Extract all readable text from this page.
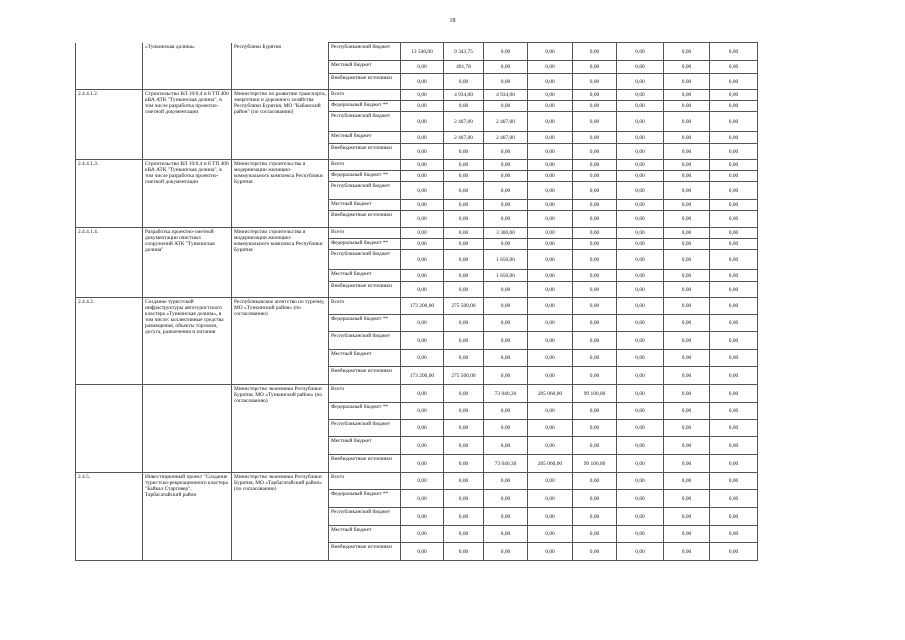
18
	«Тункинская долина»	Республики Бурятия	Республиканский бюджет	13 540,00	9 343,75	0,00	0,00	0,00	0,00	0,00	0,00
			Местный бюджет	0,00	491,78	0,00	0,00	0,00	0,00	0,00	0,00
			Внебюджетные источники	0,00	0,00	0,00	0,00	0,00	0,00	0,00	0,00
2.4.4.1.2.	Строительство ВЛ 10/0,4 и 8 ТП 400 кВА АТК "Тункинская долина", в том числе разработка проектно-сметной документации	Министерство по развитию транспорта, энергетики и дорожного хозяйства Республики Бурятия, МО "Кабанский район" (по согласованию)	Всего	0,00	4 934,00	4 934,00	0,00	0,00	0,00	0,00	0,00
			Федеральный бюджет **	0,00	0,00	0,00	0,00	0,00	0,00	0,00	0,00
			Республиканский бюджет	0,00	2 467,00	2 467,00	0,00	0,00	0,00	0,00	0,00
			Местный бюджет	0,00	2 467,00	2 467,00	0,00	0,00	0,00	0,00	0,00
			Внебюджетные источники	0,00	0,00	0,00	0,00	0,00	0,00	0,00	0,00
2.4.4.1.3.	Строительство ВЛ 10/0,4 и 8 ТП 400 кВА АТК "Тункинская долина", в том числе разработка проектно-сметной документации	Министерство строительства и модернизации жилищно-коммунального комплекса Республики Бурятия	Всего	0,00	0,00	0,00	0,00	0,00	0,00	0,00	0,00
			Федеральный бюджет **	0,00	0,00	0,00	0,00	0,00	0,00	0,00	0,00
			Республиканский бюджет	0,00	0,00	0,00	0,00	0,00	0,00	0,00	0,00
			Местный бюджет	0,00	0,00	0,00	0,00	0,00	0,00	0,00	0,00
			Внебюджетные источники	0,00	0,00	0,00	0,00	0,00	0,00	0,00	0,00
2.4.4.1.4.	Разработка проектно-сметной документации очистных сооружений АТК "Тункинская долина"	Министерство строительства и модернизации жилищно-коммунального комплекса Республики Бурятия	Всего	0,00	0,00	3 300,00	0,00	0,00	0,00	0,00	0,00
			Федеральный бюджет **	0,00	0,00	0,00	0,00	0,00	0,00	0,00	0,00
			Республиканский бюджет	0,00	0,00	1 650,00	0,00	0,00	0,00	0,00	0,00
			Местный бюджет	0,00	0,00	1 650,00	0,00	0,00	0,00	0,00	0,00
			Внебюджетные источники	0,00	0,00	0,00	0,00	0,00	0,00	0,00	0,00
2.4.4.2.	Создание туристской инфраструктуры автотуристского кластера «Тункинская долина», в том числе: коллективные средства размещения, объекты торговли, досуга, развлечения и питания	Республиканское агентство по туризму, МО «Тункинский район» (по согласованию)	Всего	173 200,00	275 500,00	0,00	0,00	0,00	0,00	0,00	0,00
			Федеральный бюджет **	0,00	0,00	0,00	0,00	0,00	0,00	0,00	0,00
			Республиканский бюджет	0,00	0,00	0,00	0,00	0,00	0,00	0,00	0,00
			Местный бюджет	0,00	0,00	0,00	0,00	0,00	0,00	0,00	0,00
			Внебюджетные источники	173 200,00	275 500,00	0,00	0,00	0,00	0,00	0,00	0,00
		Министерство экономики Республики Бурятия, МО «Тункинский район» (по согласованию)	Всего	0,00	0,00	73 040,30	205 060,00	99 100,00	0,00	0,00	0,00
			Федеральный бюджет **	0,00	0,00	0,00	0,00	0,00	0,00	0,00	0,00
			Республиканский бюджет	0,00	0,00	0,00	0,00	0,00	0,00	0,00	0,00
			Местный бюджет	0,00	0,00	0,00	0,00	0,00	0,00	0,00	0,00
			Внебюджетные источники	0,00	0,00	73 040,30	205 060,00	99 100,00	0,00	0,00	0,00
2.4.5.	Инвестиционный проект "Создание туристско-рекреационного кластера "Байкал Стартовер", Тарбагатайский район	Министерство экономики Республики Бурятия, МО «Тарбагатайский район» (по согласованию)	Всего	0,00	0,00	0,00	0,00	0,00	0,00	0,00	0,00
			Федеральный бюджет **	0,00	0,00	0,00	0,00	0,00	0,00	0,00	0,00
			Республиканский бюджет	0,00	0,00	0,00	0,00	0,00	0,00	0,00	0,00
			Местный бюджет	0,00	0,00	0,00	0,00	0,00	0,00	0,00	0,00
			Внебюджетные источники	0,00	0,00	0,00	0,00	0,00	0,00	0,00	0,00
